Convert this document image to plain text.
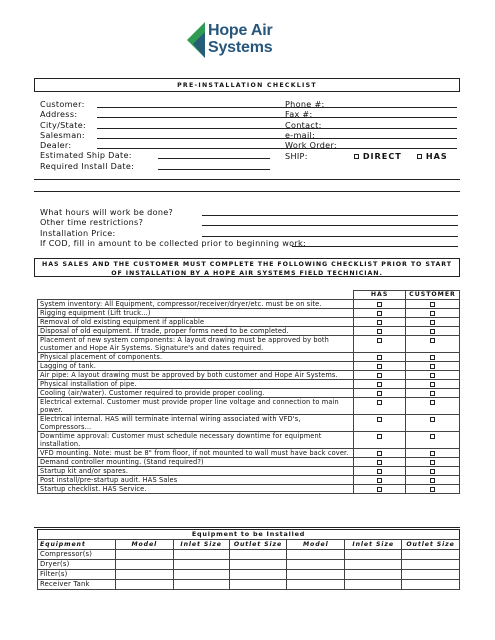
Hope Air
Systems
PRE-INSTALLATION CHECKLIST
Customer:
Address:
City/State:
Salesman:
Dealer:
Estimated Ship Date:
Required Install Date:
Phone #:
Fax #:
Contact:
e-mail:
Work Order:
SHIP:	DIRECT	HAS
What hours will work be done?
Other time restrictions?
Installation Price:
If COD, fill in amount to be collected prior to beginning work:
HAS SALES AND THE CUSTOMER MUST COMPLETE THE FOLLOWING CHECKLIST PRIOR TO START OF INSTALLATION BY A HOPE AIR SYSTEMS FIELD TECHNICIAN.
	HAS	CUSTOMER
System inventory: All Equipment, compressor/receiver/dryer/etc. must be on site.		
Rigging equipment (Lift truck…)		
Removal of old existing equipment if applicable		
Disposal of old equipment. If trade, proper forms need to be completed.		
Placement of new system components: A layout drawing must be approved by both customer and Hope Air Systems. Signature's and dates required.		
Physical placement of components.		
Lagging of tank.		
Air pipe: A layout drawing must be approved by both customer and Hope Air Systems.		
Physical installation of pipe.		
Cooling (air/water). Customer required to provide proper cooling.		
Electrical external. Customer must provide proper line voltage and connection to main power.		
Electrical internal. HAS will terminate internal wiring associated with VFD's, Compressors…		
Downtime approval: Customer must schedule necessary downtime for equipment installation.		
VFD mounting. Note: must be 8" from floor, if not mounted to wall must have back cover.		
Demand controller mounting. (Stand required?)		
Startup kit and/or spares.		
Post install/pre-startup audit. HAS Sales		
Startup checklist. HAS Service.		
Equipment to be Installed
Equipment	Model	Inlet Size	Outlet Size	Model	Inlet Size	Outlet Size
Compressor(s)						
Dryer(s)						
Filter(s)						
Receiver Tank						
